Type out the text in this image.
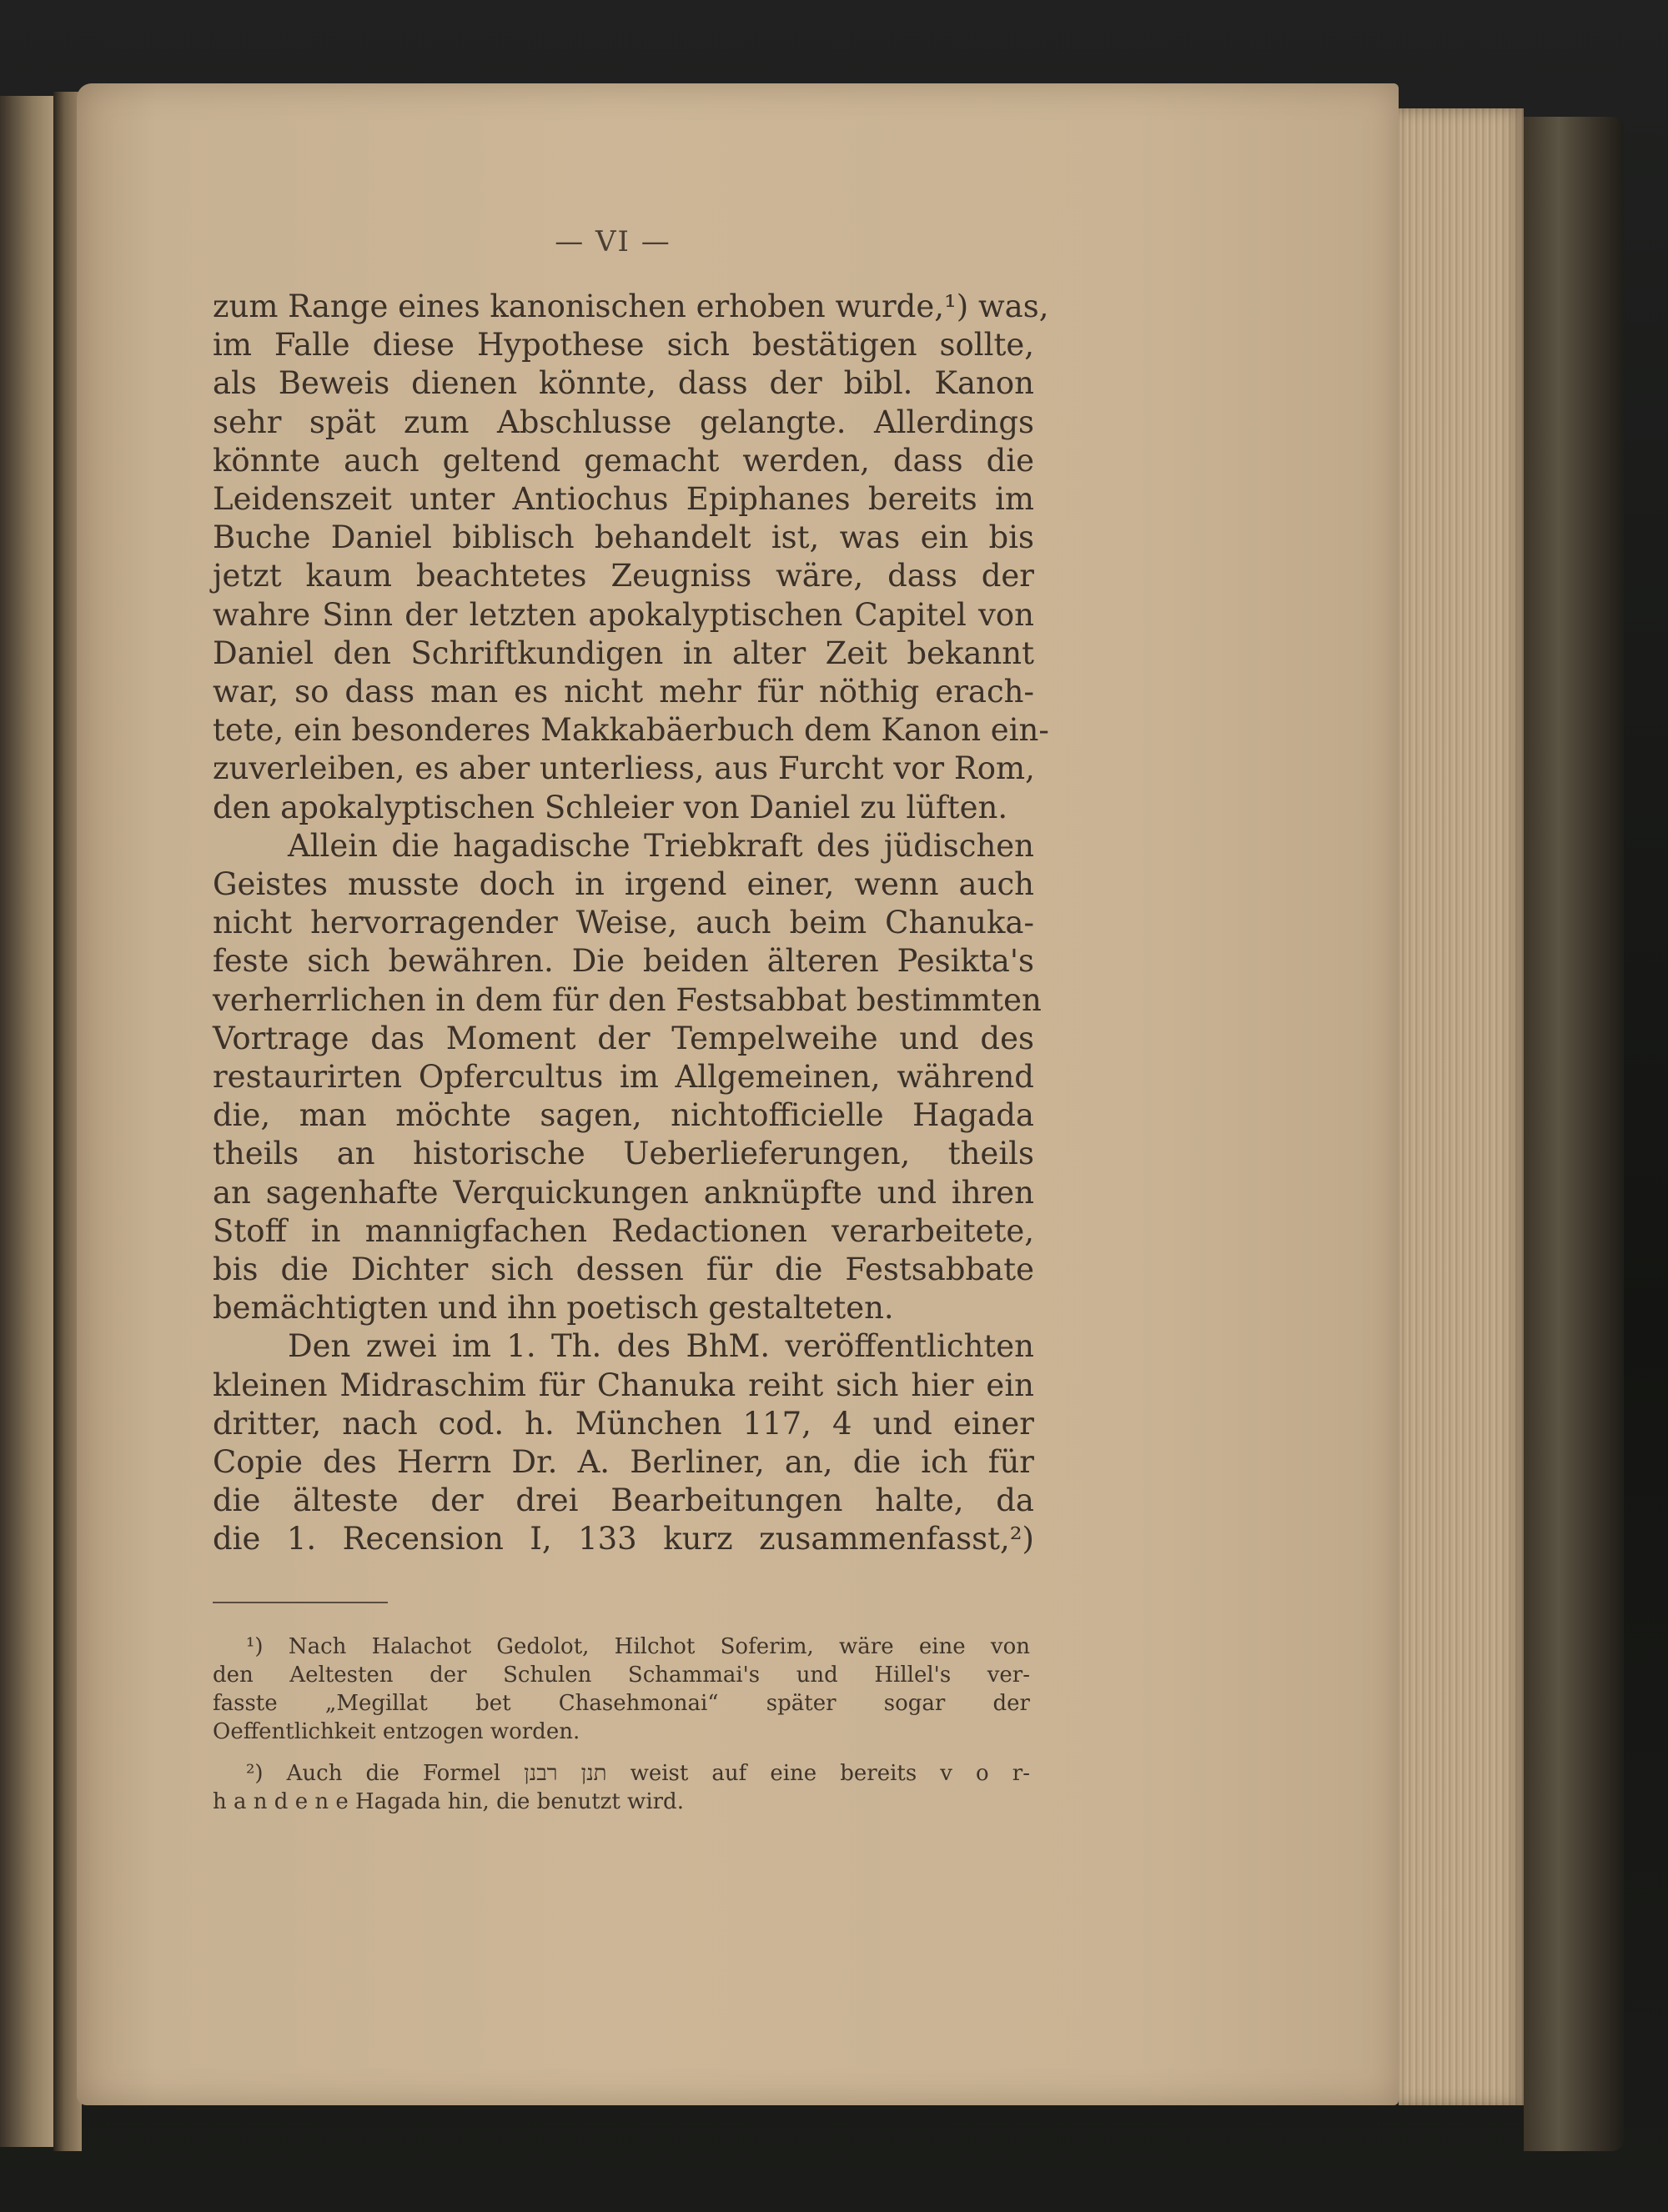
— VI —
zum Range eines kanonischen erhoben wurde,¹) was,
im Falle diese Hypothese sich bestätigen sollte,
als Beweis dienen könnte, dass der bibl. Kanon
sehr spät zum Abschlusse gelangte. Allerdings
könnte auch geltend gemacht werden, dass die
Leidenszeit unter Antiochus Epiphanes bereits im
Buche Daniel biblisch behandelt ist, was ein bis
jetzt kaum beachtetes Zeugniss wäre, dass der
wahre Sinn der letzten apokalyptischen Capitel von
Daniel den Schriftkundigen in alter Zeit bekannt
war, so dass man es nicht mehr für nöthig erach-
tete, ein besonderes Makkabäerbuch dem Kanon ein-
zuverleiben, es aber unterliess, aus Furcht vor Rom,
den apokalyptischen Schleier von Daniel zu lüften.
Allein die hagadische Triebkraft des jüdischen
Geistes musste doch in irgend einer, wenn auch
nicht hervorragender Weise, auch beim Chanuka-
feste sich bewähren. Die beiden älteren Pesikta's
verherrlichen in dem für den Festsabbat bestimmten
Vortrage das Moment der Tempelweihe und des
restaurirten Opfercultus im Allgemeinen, während
die, man möchte sagen, nichtofficielle Hagada
theils an historische Ueberlieferungen, theils
an sagenhafte Verquickungen anknüpfte und ihren
Stoff in mannigfachen Redactionen verarbeitete,
bis die Dichter sich dessen für die Festsabbate
bemächtigten und ihn poetisch gestalteten.
Den zwei im 1. Th. des BhM. veröffentlichten
kleinen Midraschim für Chanuka reiht sich hier ein
dritter, nach cod. h. München 117, 4 und einer
Copie des Herrn Dr. A. Berliner, an, die ich für
die älteste der drei Bearbeitungen halte, da
die 1. Recension I, 133 kurz zusammenfasst,²)
¹) Nach Halachot Gedolot, Hilchot Soferim, wäre eine von
den Aeltesten der Schulen Schammai's und Hillel's ver-
fasste „Megillat bet Chasehmonai“ später sogar der
Oeffentlichkeit entzogen worden.
²) Auch die Formel תנן רבנן weist auf eine bereits v o r-
h a n d e n e Hagada hin, die benutzt wird.
